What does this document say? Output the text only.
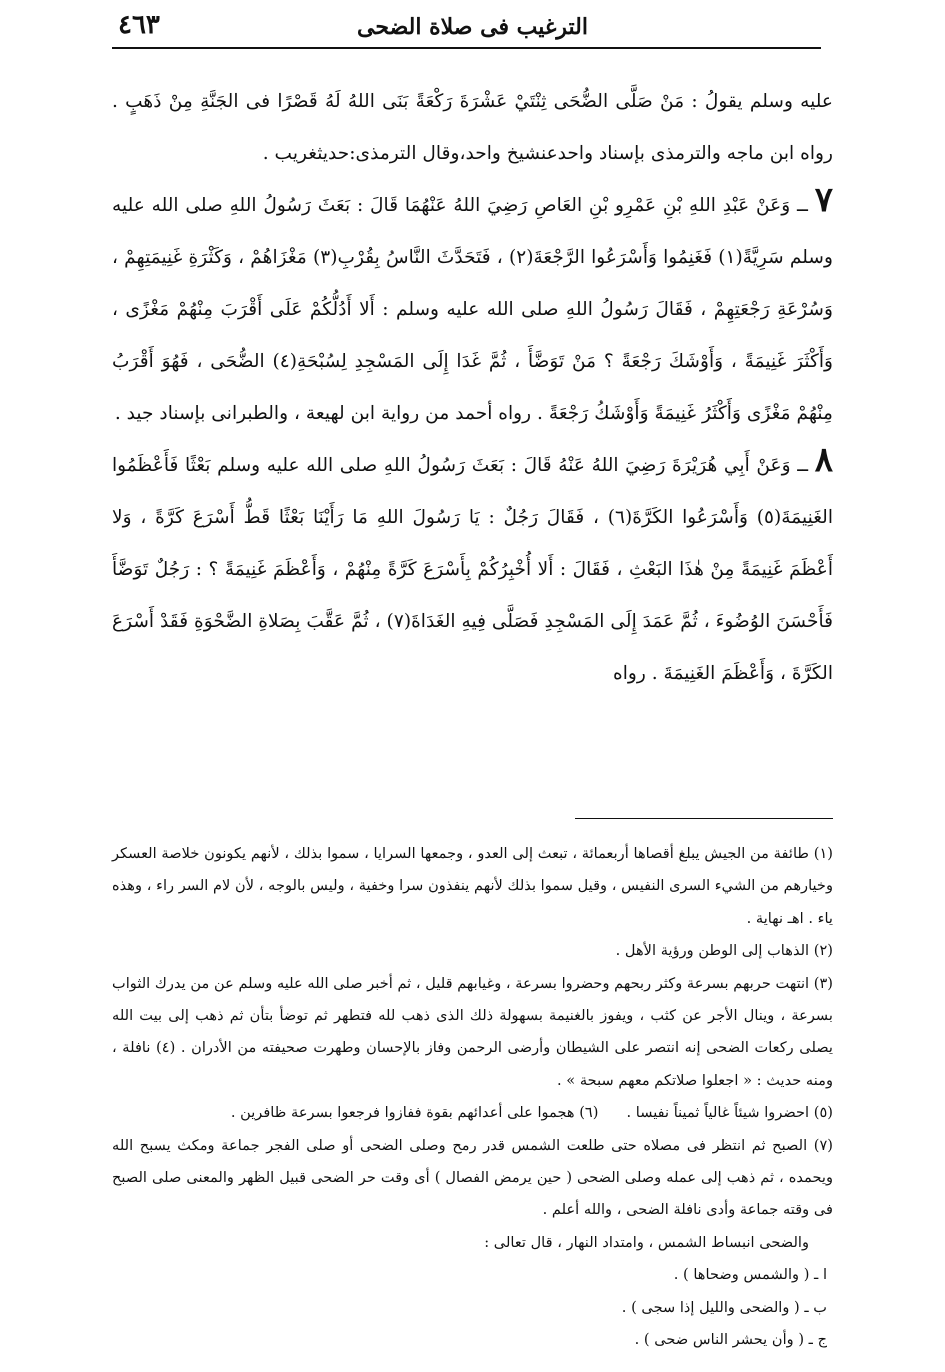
الترغيب فى صلاة الضحى
٤٦٣

عليه وسلم يقولُ : مَنْ صَلَّى الضُّحَى ثِنْتَيْ عَشْرَةَ رَكْعَةً بَنَى اللهُ لَهُ قَصْرًا فى الجَنَّةِ مِنْ ذَهَبٍ . رواه ابن ماجه والترمذى بإسناد واحدعنشيخ واحد،وقال الترمذى:حديثغريب .

٧ ــ وَعَنْ عَبْدِ اللهِ بْنِ عَمْرِو بْنِ العَاصِ رَضِيَ اللهُ عَنْهُمَا قَالَ : بَعَثَ رَسُولُ اللهِ صلى الله عليه وسلم سَرِيَّةً(١) فَغَنِمُوا وَأَسْرَعُوا الرَّجْعَةَ(٢) ، فَتَحَدَّثَ النَّاسُ بِقُرْبِ(٣) مَغْزَاهُمْ ، وَكَثْرَةِ غَنِيمَتِهِمْ ، وَسُرْعَةِ رَجْعَتِهِمْ ، فَقَالَ رَسُولُ اللهِ صلى الله عليه وسلم : أَلا أَدُلُّكُمْ عَلَى أَقْرَبَ مِنْهُمْ مَغْزًى ، وَأَكْثَرَ غَنِيمَةً ، وَأَوْشَكَ رَجْعَةً ؟ مَنْ تَوَضَّأَ ، ثُمَّ غَدَا إِلَى المَسْجِدِ لِسُبْحَةِ(٤) الضُّحَى ، فَهُوَ أَقْرَبُ مِنْهُمْ مَغْزًى وَأَكْثَرُ غَنِيمَةً وَأَوْشَكُ رَجْعَةً . رواه أحمد من رواية ابن لهيعة ، والطبرانى بإسناد جيد .

٨ ــ وَعَنْ أَبِي هُرَيْرَةَ رَضِيَ اللهُ عَنْهُ قَالَ : بَعَثَ رَسُولُ اللهِ صلى الله عليه وسلم بَعْثًا فَأَعْظَمُوا الغَنِيمَةَ(٥) وَأَسْرَعُوا الكَرَّةَ(٦) ، فَقَالَ رَجُلٌ : يَا رَسُولَ اللهِ مَا رَأَيْنَا بَعْثًا قَطُّ أَسْرَعَ كَرَّةً ، وَلا أَعْظَمَ غَنِيمَةً مِنْ هٰذَا البَعْثِ ، فَقَالَ : أَلا أُخْبِرُكُمْ بِأَسْرَعَ كَرَّةً مِنْهُمْ ، وَأَعْظَمَ غَنِيمَةً ؟ : رَجُلٌ تَوَضَّأَ فَأَحْسَنَ الوُضُوءَ ، ثُمَّ عَمَدَ إِلَى المَسْجِدِ فَصَلَّى فِيهِ الغَدَاةَ(٧) ، ثُمَّ عَقَّبَ بِصَلاةِ الضَّحْوَةِ فَقَدْ أَسْرَعَ الكَرَّةَ ، وَأَعْظَمَ الغَنِيمَةَ . رواه

(١) طائفة من الجيش يبلغ أقصاها أربعمائة ، تبعث إلى العدو ، وجمعها السرايا ، سموا بذلك ، لأنهم يكونون خلاصة العسكر وخيارهم من الشيء السرى النفيس ، وقيل سموا بذلك لأنهم ينفذون سرا وخفية ، وليس بالوجه ، لأن لام السر راء ، وهذه ياء . اهـ نهاية .

(٢) الذهاب إلى الوطن ورؤية الأهل .

(٣) انتهت حربهم بسرعة وكثر ربحهم وحضروا بسرعة ، وغيابهم قليل ، ثم أخبر صلى الله عليه وسلم عن من يدرك الثواب بسرعة ، وينال الأجر عن كثب ، ويفوز بالغنيمة بسهولة ذلك الذى ذهب لله فتطهر ثم توضأ بتأن ثم ذهب إلى بيت الله يصلى ركعات الضحى إنه انتصر على الشيطان وأرضى الرحمن وفاز بالإحسان وطهرت صحيفته من الأدران . (٤) نافلة ، ومنه حديث : « اجعلوا صلاتكم معهم سبحة » .

(٥) احضروا شيئاً غالياً ثميناً نفيسا .
(٦) هجموا على أعدائهم بقوة ففازوا فرجعوا بسرعة ظافرين .

(٧) الصبح ثم انتظر فى مصلاه حتى طلعت الشمس قدر رمح وصلى الضحى أو صلى الفجر جماعة ومكث يسبح الله ويحمده ، ثم ذهب إلى عمله وصلى الضحى ( حين يرمض الفصال ) أى وقت حر الضحى قبيل الظهر والمعنى صلى الصبح فى وقته جماعة وأدى نافلة الضحى ، والله أعلم .

والضحى انبساط الشمس ، وامتداد النهار ، قال تعالى :

ا ـ ( والشمس وضحاها ) .

ب ـ ( والضحى والليل إذا سجى ) .

ج ـ ( وأن يحشر الناس ضحى ) .
